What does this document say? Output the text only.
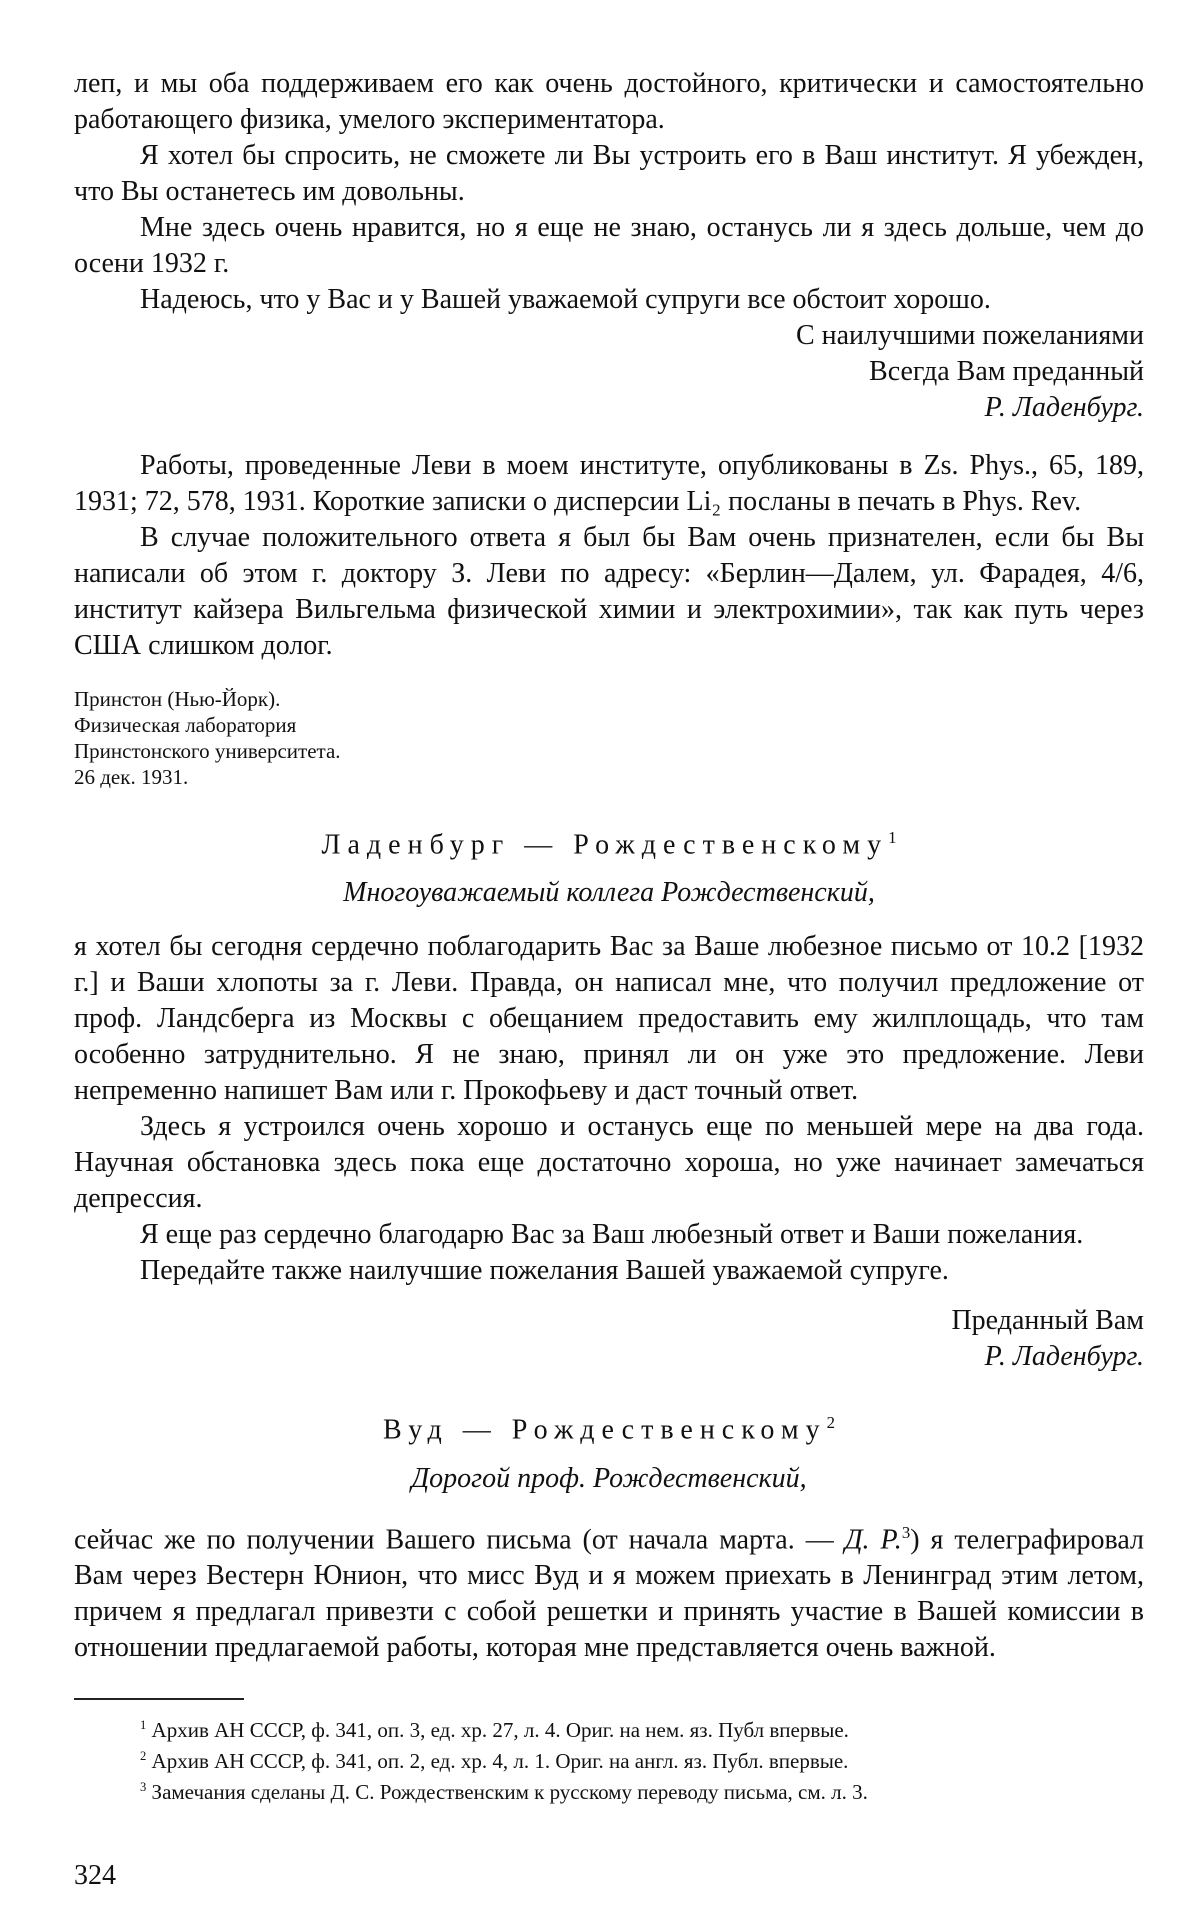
леп, и мы оба поддерживаем его как очень достойного, критически и самостоятельно работающего физика, умелого экспериментатора.

Я хотел бы спросить, не сможете ли Вы устроить его в Ваш институт. Я убежден, что Вы останетесь им довольны.

Мне здесь очень нравится, но я еще не знаю, останусь ли я здесь дольше, чем до осени 1932 г.

Надеюсь, что у Вас и у Вашей уважаемой супруги все обстоит хорошо.

С наилучшими пожеланиями

Всегда Вам преданный

Р. Ладенбург.

Работы, проведенные Леви в моем институте, опубликованы в Zs. Phys., 65, 189, 1931; 72, 578, 1931. Короткие записки о дисперсии Li₂ посланы в печать в Phys. Rev.

В случае положительного ответа я был бы Вам очень признателен, если бы Вы написали об этом г. доктору З. Леви по адресу: «Берлин—Далем, ул. Фарадея, 4/6, институт кайзера Вильгельма физической химии и электрохимии», так как путь через США слишком долог.

Принстон (Нью-Йорк).

Физическая лаборатория

Принстонского университета.

26 дек. 1931.

Ладенбург — Рождественскому$^1$

Многоуважаемый коллега Рождественский,

я хотел бы сегодня сердечно поблагодарить Вас за Ваше любезное письмо от 10.2 [1932 г.] и Ваши хлопоты за г. Леви. Правда, он написал мне, что получил предложение от проф. Ландсберга из Москвы с обещанием предоставить ему жилплощадь, что там особенно затруднительно. Я не знаю, принял ли он уже это предложение. Леви непременно напишет Вам или г. Прокофьеву и даст точный ответ.

Здесь я устроился очень хорошо и останусь еще по меньшей мере на два года. Научная обстановка здесь пока еще достаточно хороша, но уже начинает замечаться депрессия.

Я еще раз сердечно благодарю Вас за Ваш любезный ответ и Ваши пожелания.

Передайте также наилучшие пожелания Вашей уважаемой супруге.

Преданный Вам

Р. Ладенбург.

Вуд — Рождественскому$^2$

Дорогой проф. Рождественский,

сейчас же по получении Вашего письма (от начала марта. — Д. Р.$^3$) я телеграфировал Вам через Вестерн Юнион, что мисс Вуд и я можем приехать в Ленинград этим летом, причем я предлагал привезти с собой решетки и принять участие в Вашей комиссии в отношении предлагаемой работы, которая мне представляется очень важной.

$^1$ Архив АН СССР, ф. 341, оп. 3, ед. хр. 27, л. 4. Ориг. на нем. яз. Публ впервые.

$^2$ Архив АН СССР, ф. 341, оп. 2, ед. хр. 4, л. 1. Ориг. на англ. яз. Публ. впервые.

$^3$ Замечания сделаны Д. С. Рождественским к русскому переводу письма, см. л. 3.

324
